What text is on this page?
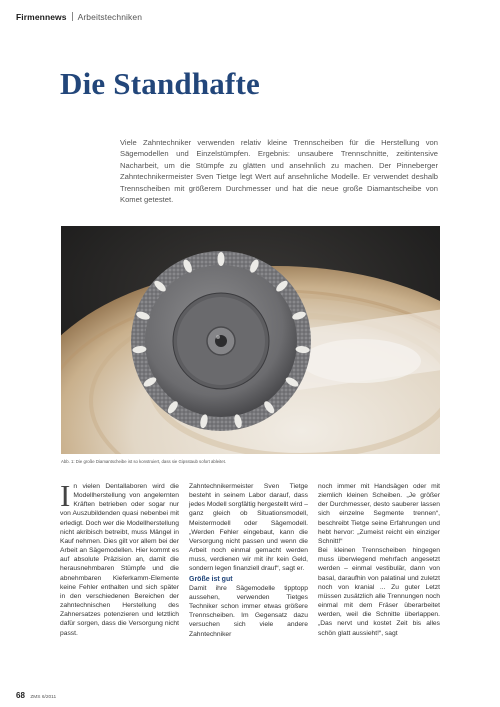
Firmennews Arbeitstechniken
Die Standhafte

Viele Zahntechniker verwenden relativ kleine Trennscheiben für die Herstellung von Sägemodellen und Einzelstümpfen. Ergebnis: unsaubere Trennschnitte, zeitintensive Nacharbeit, um die Stümpfe zu glätten und ansehnlich zu machen. Der Pinneberger Zahntechnikermeister Sven Tietge legt Wert auf ansehnliche Modelle. Er verwendet deshalb Trennscheiben mit größerem Durchmesser und hat die neue große Diamantscheibe von Komet getestet.

Abb. 1: Die große Diamantscheibe ist so konstruiert, dass sie Gipsstaub sofort ableitet.
I n vielen Dentallaboren wird die Modellherstellung von angelernten Kräften betrieben oder sogar nur von Auszubildenden quasi nebenbei mit erledigt. Doch wer die Modellherstellung nicht akribisch betreibt, muss Mängel in Kauf nehmen. Dies gilt vor allem bei der Arbeit an Sägemodellen. Hier kommt es auf absolute Präzision an, damit die herausnehmbaren Stümpfe und die abnehmbaren Kieferkamm-Elemente keine Fehler enthalten und sich später in den verschiedenen Bereichen der zahntechnischen Herstellung des Zahnersatzes potenzieren und letztlich dafür sorgen, dass die Versorgung nicht passt.

Zahntechnikermeister Sven Tietge besteht in seinem Labor darauf, dass jedes Modell sorgfältig hergestellt wird – ganz gleich ob Situationsmodell, Meistermodell oder Sägemodell. „Werden Fehler eingebaut, kann die Versorgung nicht passen und wenn die Arbeit noch einmal gemacht werden muss, verdienen wir mit ihr kein Geld, sondern legen finanziell drauf“, sagt er.

Größe ist gut

Damit ihre Sägemodelle tipptopp aussehen, verwenden Tietges Techniker schon immer etwas größere Trennscheiben. Im Gegensatz dazu versuchen sich viele andere Zahntechniker

noch immer mit Handsägen oder mit ziemlich kleinen Scheiben. „Je größer der Durchmesser, desto sauberer lassen sich einzelne Segmente trennen“, beschreibt Tietge seine Erfahrungen und hebt hervor: „Zumeist reicht ein einziger Schnitt!“

Bei kleinen Trennscheiben hingegen muss überwiegend mehrfach angesetzt werden – einmal vestibulär, dann von basal, daraufhin von palatinal und zuletzt noch von kranial ... Zu guter Letzt müssen zusätzlich alle Trennungen noch einmal mit dem Fräser überarbeitet werden, weil die Schnitte überlappen. „Das nervt und kostet Zeit bis alles schön glatt aussieht!“, sagt

68 ZMS 6/2011
